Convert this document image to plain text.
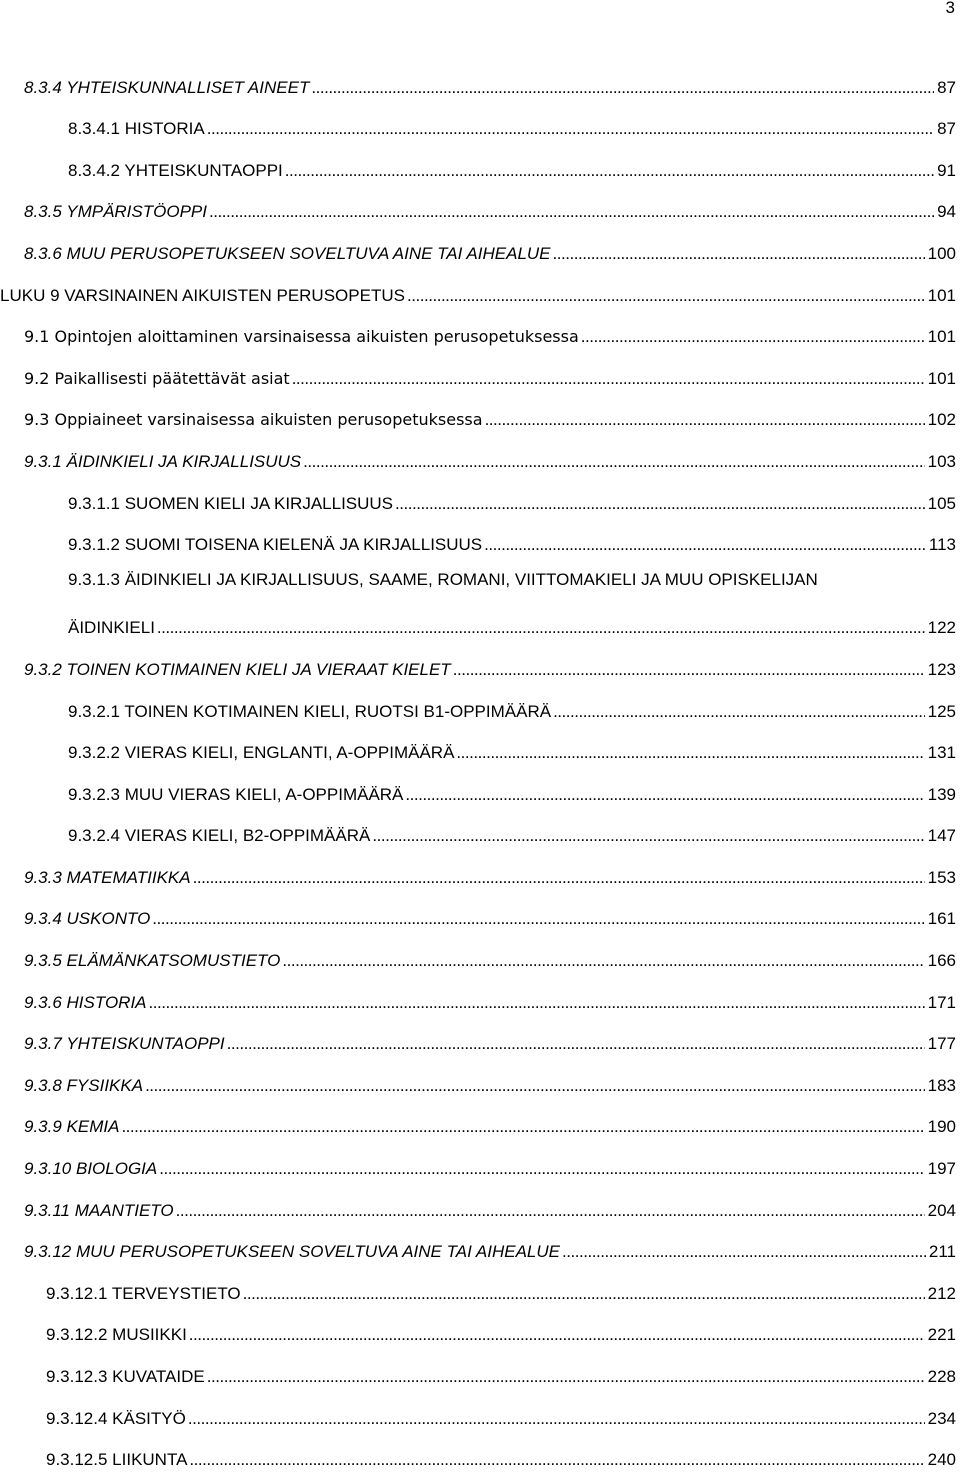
3
8.3.4 YHTEISKUNNALLISET AINEET . . .	87
8.3.4.1 HISTORIA . . .	87
8.3.4.2 YHTEISKUNTAOPPI . . .	91
8.3.5 YMPÄRISTÖOPPI . . .	94
8.3.6 MUU PERUSOPETUKSEEN SOVELTUVA AINE TAI AIHEALUE . . .	100
LUKU 9 VARSINAINEN AIKUISTEN PERUSOPETUS . . .	101
9.1 Opintojen aloittaminen varsinaisessa aikuisten perusopetuksessa . . .	101
9.2 Paikallisesti päätettävät asiat . . .	101
9.3 Oppiaineet varsinaisessa aikuisten perusopetuksessa . . .	102
9.3.1 ÄIDINKIELI JA KIRJALLISUUS . . .	103
9.3.1.1 SUOMEN KIELI JA KIRJALLISUUS . . .	105
9.3.1.2 SUOMI TOISENA KIELENÄ JA KIRJALLISUUS . . .	113
9.3.1.3 ÄIDINKIELI JA KIRJALLISUUS, SAAME, ROMANI, VIITTOMAKIELI JA MUU OPISKELIJAN
ÄIDINKIELI . . .	122
9.3.2 TOINEN KOTIMAINEN KIELI JA VIERAAT KIELET . . .	123
9.3.2.1 TOINEN KOTIMAINEN KIELI, RUOTSI B1-OPPIMÄÄRÄ . . .	125
9.3.2.2 VIERAS KIELI, ENGLANTI, A-OPPIMÄÄRÄ . . .	131
9.3.2.3 MUU VIERAS KIELI, A-OPPIMÄÄRÄ . . .	139
9.3.2.4 VIERAS KIELI, B2-OPPIMÄÄRÄ . . .	147
9.3.3 MATEMATIIKKA . . .	153
9.3.4 USKONTO . . .	161
9.3.5 ELÄMÄNKATSOMUSTIETO . . .	166
9.3.6 HISTORIA . . .	171
9.3.7 YHTEISKUNTAOPPI . . .	177
9.3.8 FYSIIKKA . . .	183
9.3.9 KEMIA . . .	190
9.3.10 BIOLOGIA . . .	197
9.3.11 MAANTIETO . . .	204
9.3.12 MUU PERUSOPETUKSEEN SOVELTUVA AINE TAI AIHEALUE . . .	211
9.3.12.1 TERVEYSTIETO . . .	212
9.3.12.2 MUSIIKKI . . .	221
9.3.12.3 KUVATAIDE . . .	228
9.3.12.4 KÄSITYÖ . . .	234
9.3.12.5 LIIKUNTA . . .	240
